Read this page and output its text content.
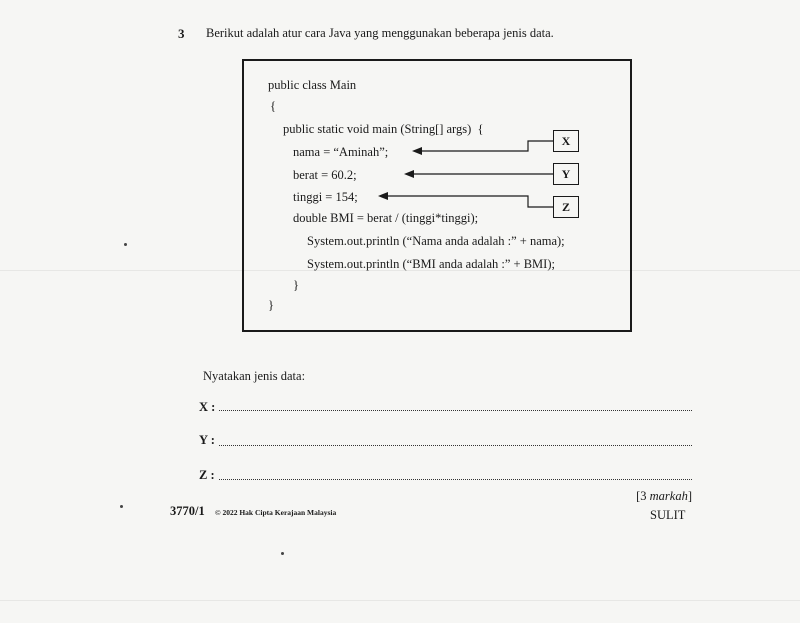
3 Berikut adalah atur cara Java yang menggunakan beberapa jenis data.
public class Main
{
public static void main (String[] args)  {
nama = “Aminah”;
berat = 60.2;
tinggi = 154;
double BMI = berat / (tinggi*tinggi);
System.out.println (“Nama anda adalah :” + nama);
System.out.println (“BMI anda adalah :” + BMI);
}
}
X
Y
Z
Nyatakan jenis data:
X :
Y :
Z :
[3 markah]
3770/1 © 2022 Hak Cipta Kerajaan Malaysia	SULIT
